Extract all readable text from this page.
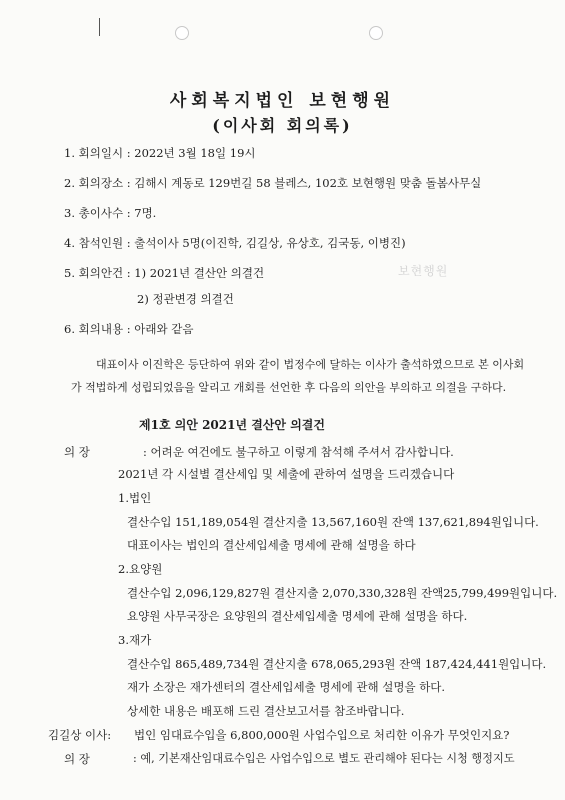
사회복지법인 보현행원
(이사회 회의록)
1. 회의일시 : 2022년 3월 18일 19시
2. 회의장소 : 김해시 계동로 129번길 58 블레스, 102호 보현행원 맞춤 돌봄사무실
3. 총이사수 : 7명.
4. 참석인원 : 출석이사 5명(이진학, 김길상, 유상호, 김국동, 이병진)
5. 회의안건 : 1) 2021년 결산안 의결건
2) 정관변경 의결건
6. 회의내용 : 아래와 같음
보현행원
대표이사 이진학은 등단하여 위와 같이 법정수에 달하는 이사가 출석하였으므로 본 이사회
가 적법하게 성립되었음을 알리고 개회를 선언한 후 다음의 의안을 부의하고 의결을 구하다.
제1호 의안 2021년 결산안 의결건
의 장	: 어려운 여건에도 불구하고 이렇게 참석해 주셔서 감사합니다.
2021년 각 시설별 결산세입 및 세출에 관하여 설명을 드리겠습니다
1.법인
결산수입 151,189,054원 결산지출 13,567,160원 잔액 137,621,894원입니다.
대표이사는 법인의 결산세입세출 명세에 관해 설명을 하다
2.요양원
결산수입 2,096,129,827원 결산지출 2,070,330,328원 잔액25,799,499원입니다.
요양원 사무국장은 요양원의 결산세입세출 명세에 관해 설명을 하다.
3.재가
결산수입 865,489,734원 결산지출 678,065,293원 잔액 187,424,441원입니다.
재가 소장은 재가센터의 결산세입세출 명세에 관해 설명을 하다.
상세한 내용은 배포해 드린 결산보고서를 참조바랍니다.
김길상 이사: 법인 임대료수입을 6,800,000원 사업수입으로 처리한 이유가 무엇인지요?
의 장	: 예, 기본재산임대료수입은 사업수입으로 별도 관리해야 된다는 시청 행정지도
